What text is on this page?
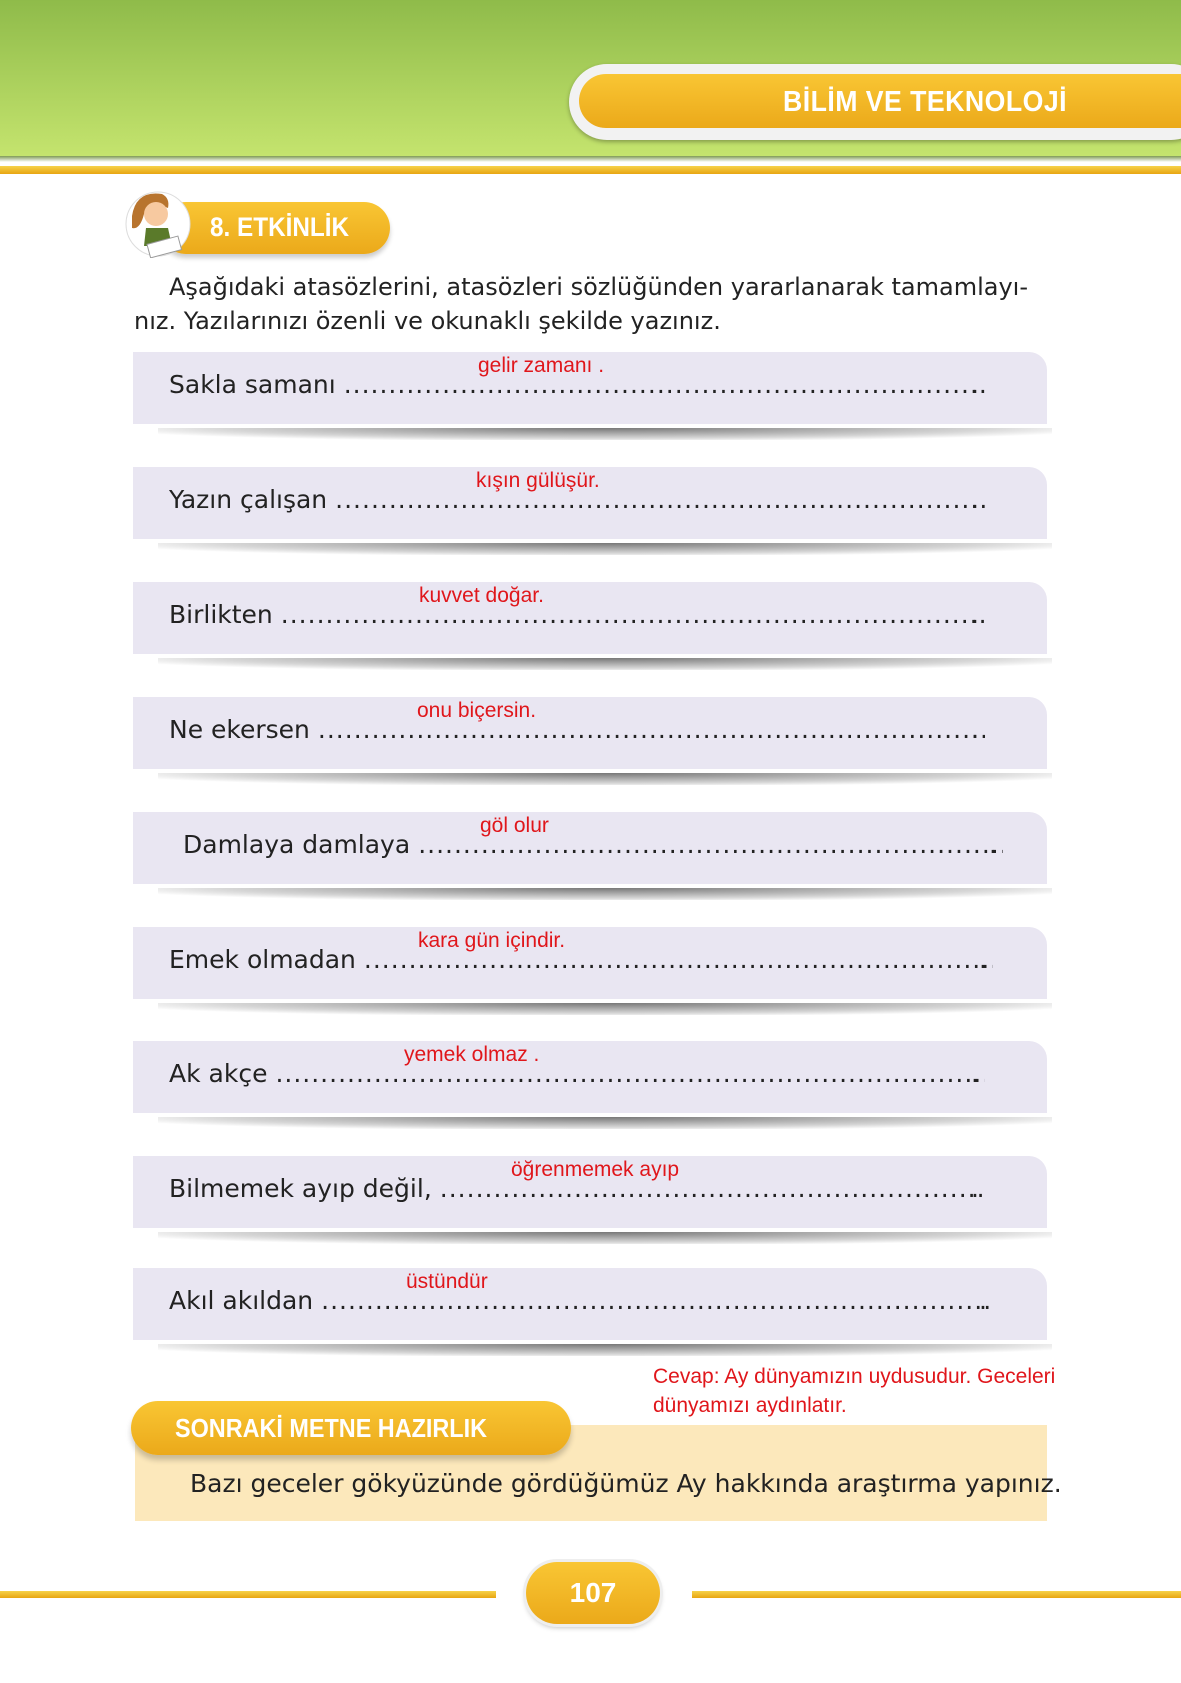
BİLİM VE TEKNOLOJİ
8. ETKİNLİK
Aşağıdaki atasözlerini, atasözleri sözlüğünden yararlanarak tamamlayı-
nız. Yazılarınızı özenli ve okunaklı şekilde yazınız.
Sakla samanı .....	.
gelir zamanı .
Yazın çalışan .....	.
kışın gülüşür.
Birlikten .....	.
kuvvet doğar.
Ne ekersen .....	.
onu biçersin.
Damlaya damlaya .....	.
göl olur
Emek olmadan .....	.
kara gün içindir.
Ak akçe .....	.
yemek olmaz .
Bilmemek ayıp değil, .....	.
öğrenmemek ayıp
Akıl akıldan .....	.
üstündür
Cevap: Ay dünyamızın uydusudur. Geceleri
dünyamızı aydınlatır.
Bazı geceler gökyüzünde gördüğümüz Ay hakkında araştırma yapınız.
SONRAKİ METNE HAZIRLIK
107
